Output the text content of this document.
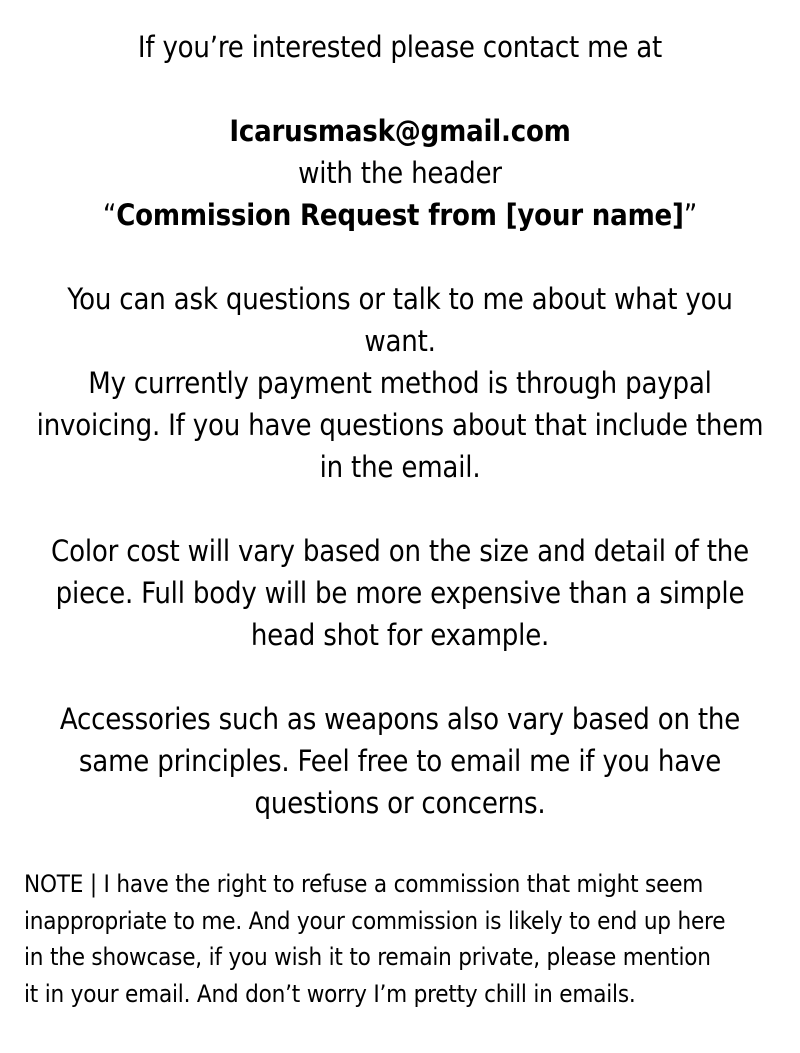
If you’re interested please contact me at
Icarusmask@gmail.com
with the header
“Commission Request from [your name]”
You can ask questions or talk to me about what you
want.
My currently payment method is through paypal
invoicing. If you have questions about that include them
in the email.
Color cost will vary based on the size and detail of the
piece. Full body will be more expensive than a simple
head shot for example.
Accessories such as weapons also vary based on the
same principles. Feel free to email me if you have
questions or concerns.
NOTE | I have the right to refuse a commission that might seem
inappropriate to me. And your commission is likely to end up here
in the showcase, if you wish it to remain private, please mention
it in your email. And don’t worry I’m pretty chill in emails.
